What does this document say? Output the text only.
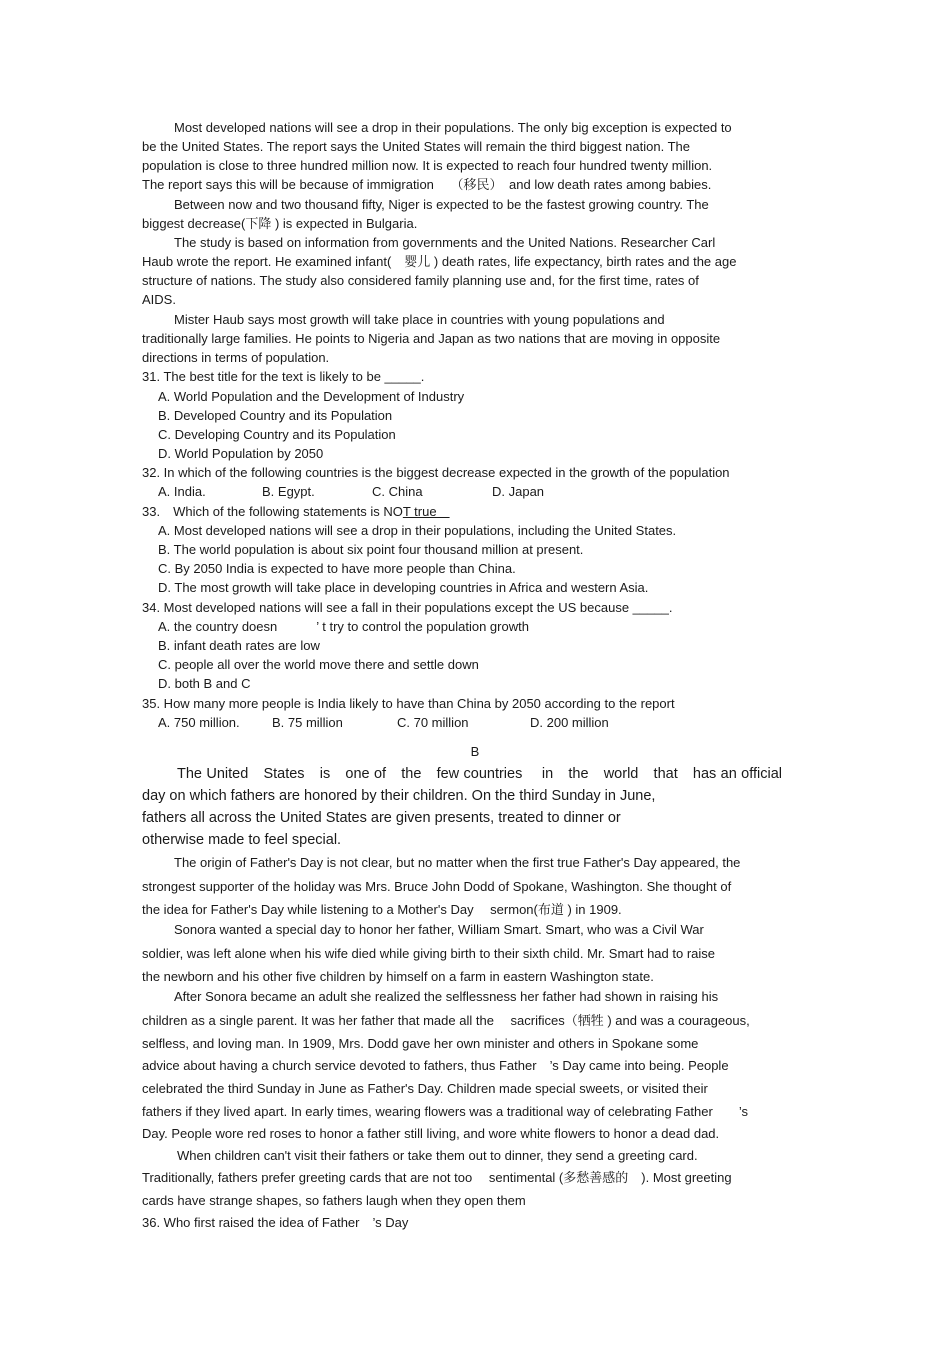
Most developed nations will see a drop in their populations. The only big exception is expected to
be the United States. The report says the United States will remain the third biggest nation. The
population is close to three hundred million now. It is expected to reach four hundred twenty million.
The report says this will be because of immigration　 （移民）　and low death rates among babies.
Between now and two thousand fifty, Niger is expected to be the fastest growing country. The
biggest decrease(下降 ) is expected in Bulgaria.
The study is based on information from governments and the United Nations. Researcher Carl
Haub wrote the report. He examined infant(　婴儿 ) death rates, life expectancy, birth rates and the age
structure of nations. The study also considered family planning use and, for the first time, rates of
AIDS.
Mister Haub says most growth will take place in countries with young populations and
traditionally large families. He points to Nigeria and Japan as two nations that are moving in opposite
directions in terms of population.
31. The best title for the text is likely to be _____.
A. World Population and the Development of Industry
B. Developed Country and its Population
C. Developing Country and its Population
D. World Population by 2050
32. In which of the following countries is the biggest decrease expected in the growth of the population
A. India.	B. Egypt.	C. China	D. Japan
33.　Which of the following statements is NOT true　
A. Most developed nations will see a drop in their populations, including the United States.
B. The world population is about six point four thousand million at present.
C. By 2050 India is expected to have more people than China.
D. The most growth will take place in developing countries in Africa and western Asia.
34. Most developed nations will see a fall in their populations except the US because _____.
A. the country doesn　　　’ t try to control the population growth
B. infant death rates are low
C. people all over the world move there and settle down
D. both B and C
35. How many more people is India likely to have than China by 2050 according to the report
A. 750 million. B. 75 million	C. 70 million	D. 200 million
B
The United　States　is　one of　the　few countries　 in　the　world　that　has an official
day on which fathers are honored by their children. On the third Sunday in June,
fathers all across the United States are given presents, treated to dinner or
otherwise made to feel special.
The origin of Father's Day is not clear, but no matter when the first true Father's Day appeared, the
strongest supporter of the holiday was Mrs. Bruce John Dodd of Spokane, Washington. She thought of
the idea for Father's Day while listening to a Mother's Day　 sermon(布道 ) in 1909.
Sonora wanted a special day to honor her father, William Smart. Smart, who was a Civil War
soldier, was left alone when his wife died while giving birth to their sixth child. Mr. Smart had to raise
the newborn and his other five children by himself on a farm in eastern Washington state.
After Sonora became an adult she realized the selflessness her father had shown in raising his
children as a single parent. It was her father that made all the　 sacrifices（牺牲 ) and was a courageous,
selfless, and loving man. In 1909, Mrs. Dodd gave her own minister and others in Spokane some
advice about having a church service devoted to fathers, thus Father　’s Day came into being. People
celebrated the third Sunday in June as Father's Day. Children made special sweets, or visited their
fathers if they lived apart. In early times, wearing flowers was a traditional way of celebrating Father　　’s
Day. People wore red roses to honor a father still living, and wore white flowers to honor a dead dad.
When children can't visit their fathers or take them out to dinner, they send a greeting card.
Traditionally, fathers prefer greeting cards that are not too　 sentimental (多愁善感的　). Most greeting
cards have strange shapes, so fathers laugh when they open them
36. Who first raised the idea of Father　’s Day
